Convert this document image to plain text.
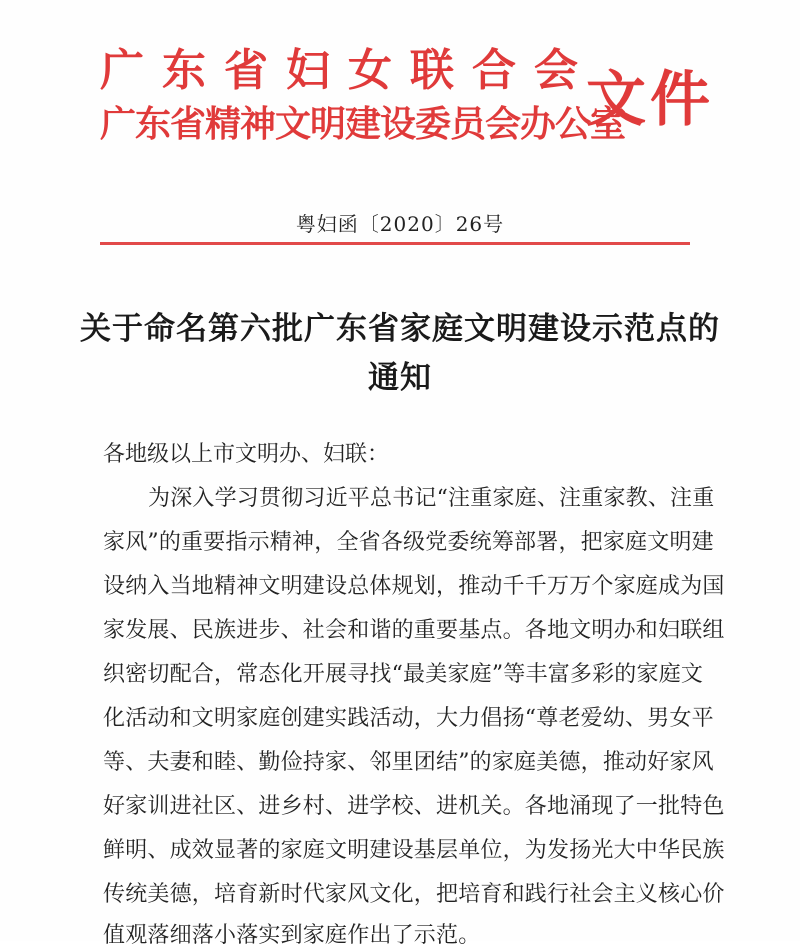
广东省妇女联合会
广东省精神文明建设委员会办公室
文件
粤妇函〔2020〕26号
关于命名第六批广东省家庭文明建设示范点的
通知
各地级以上市文明办、妇联：
为深入学习贯彻习近平总书记“注重家庭、注重家教、注重
家风”的重要指示精神，全省各级党委统筹部署，把家庭文明建
设纳入当地精神文明建设总体规划，推动千千万万个家庭成为国
家发展、民族进步、社会和谐的重要基点。各地文明办和妇联组
织密切配合，常态化开展寻找“最美家庭”等丰富多彩的家庭文
化活动和文明家庭创建实践活动，大力倡扬“尊老爱幼、男女平
等、夫妻和睦、勤俭持家、邻里团结”的家庭美德，推动好家风
好家训进社区、进乡村、进学校、进机关。各地涌现了一批特色
鲜明、成效显著的家庭文明建设基层单位，为发扬光大中华民族
传统美德，培育新时代家风文化，把培育和践行社会主义核心价
值观落细落小落实到家庭作出了示范。
